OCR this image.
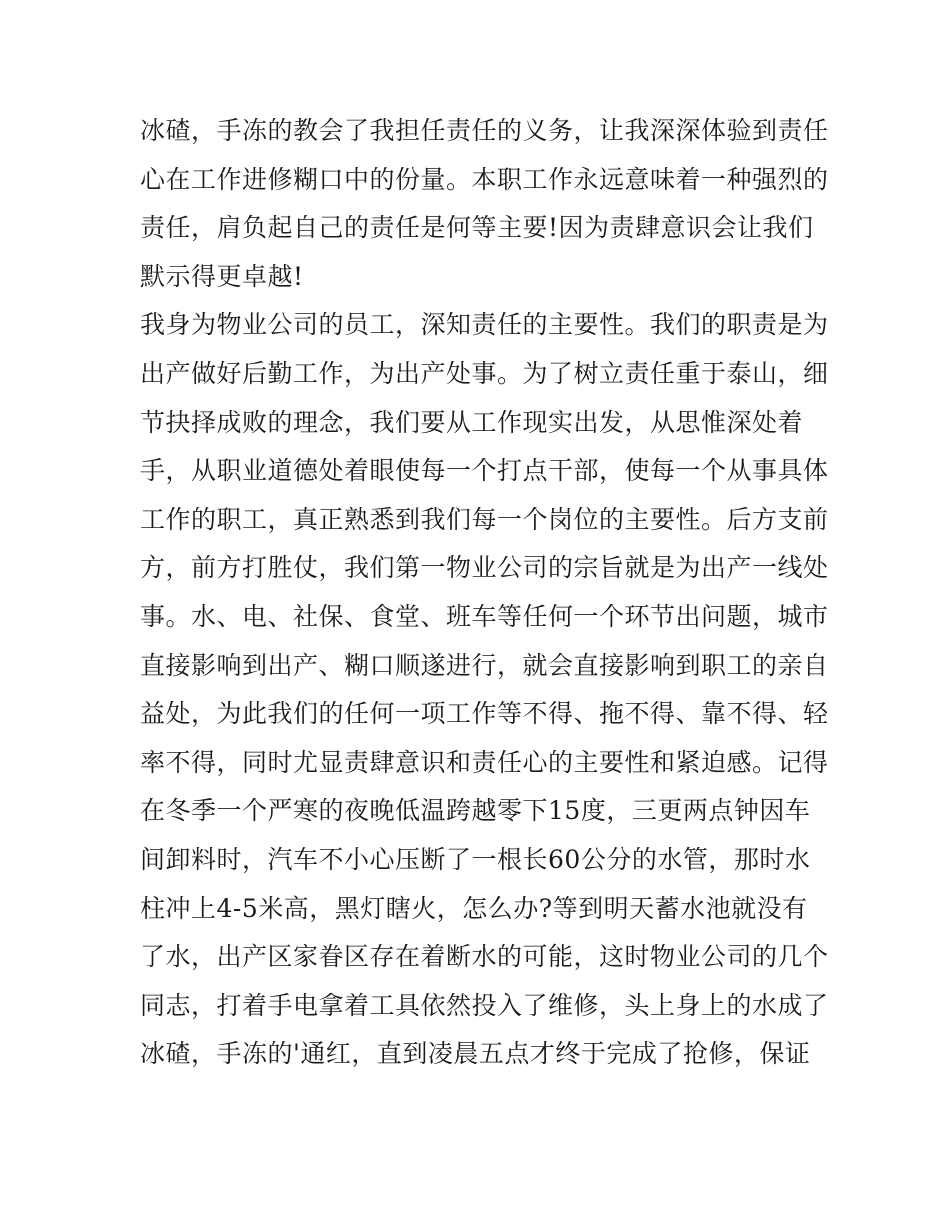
冰碴，手冻的教会了我担任责任的义务，让我深深体验到责任
心在工作进修糊口中的份量。本职工作永远意味着一种强烈的
责任，肩负起自己的责任是何等主要!因为责肆意识会让我们
默示得更卓越!
我身为物业公司的员工，深知责任的主要性。我们的职责是为
出产做好后勤工作，为出产处事。为了树立责任重于泰山，细
节抉择成败的理念，我们要从工作现实出发，从思惟深处着
手，从职业道德处着眼使每一个打点干部，使每一个从事具体
工作的职工，真正熟悉到我们每一个岗位的主要性。后方支前
方，前方打胜仗，我们第一物业公司的宗旨就是为出产一线处
事。水、电、社保、食堂、班车等任何一个环节出问题，城市
直接影响到出产、糊口顺遂进行，就会直接影响到职工的亲自
益处，为此我们的任何一项工作等不得、拖不得、靠不得、轻
率不得，同时尤显责肆意识和责任心的主要性和紧迫感。记得
在冬季一个严寒的夜晚低温跨越零下15度，三更两点钟因车
间卸料时，汽车不小心压断了一根长60公分的水管，那时水
柱冲上4-5米高，黑灯瞎火，怎么办?等到明天蓄水池就没有
了水，出产区家眷区存在着断水的可能，这时物业公司的几个
同志，打着手电拿着工具依然投入了维修，头上身上的水成了
冰碴，手冻的'通红，直到凌晨五点才终于完成了抢修，保证
